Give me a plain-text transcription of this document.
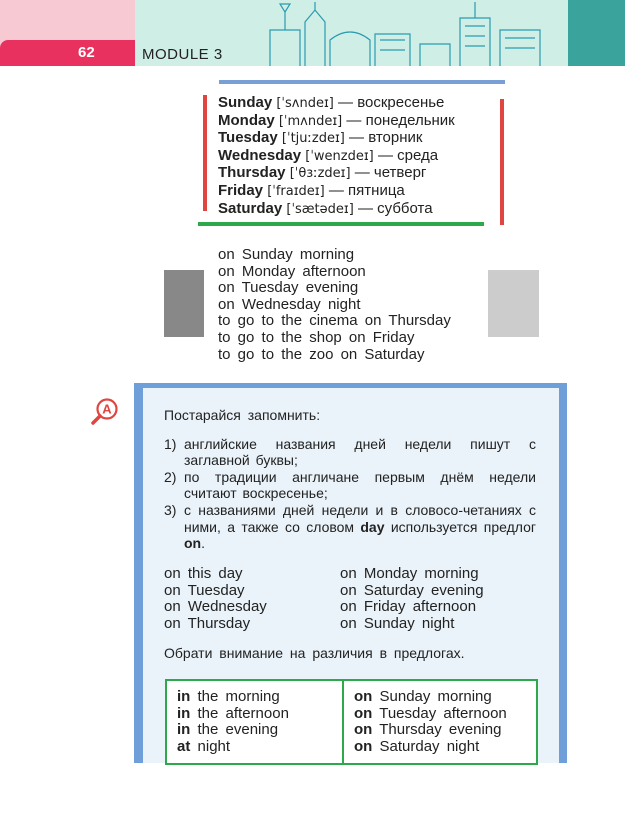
62	MODULE 3
Sunday [ˈsʌndeɪ] — воскресенье
Monday [ˈmʌndeɪ] — понедельник
Tuesday [ˈtjuːzdeɪ] — вторник
Wednesday [ˈwenzdeɪ] — среда
Thursday [ˈθɜːzdeɪ] — четверг
Friday [ˈfraɪdeɪ] — пятница
Saturday [ˈsætədeɪ] — суббота
on Sunday morning
on Monday afternoon
on Tuesday evening
on Wednesday night
to go to the cinema on Thursday
to go to the shop on Friday
to go to the zoo on Saturday
A	Постарайся запомнить:

1) английские названия дней недели пишут с заглавной буквы;
2) по традиции англичане первым днём недели считают воскресенье;
3) с названиями дней недели и в словосо-четаниях с ними, а также со словом day используется предлог on.
on this day
on Tuesday
on Wednesday
on Thursday
on Monday morning
on Saturday evening
on Friday afternoon
on Sunday night
Обрати внимание на различия в предлогах.
in the morning
in the afternoon
in the evening
at night
on Sunday morning
on Tuesday afternoon
on Thursday evening
on Saturday night
